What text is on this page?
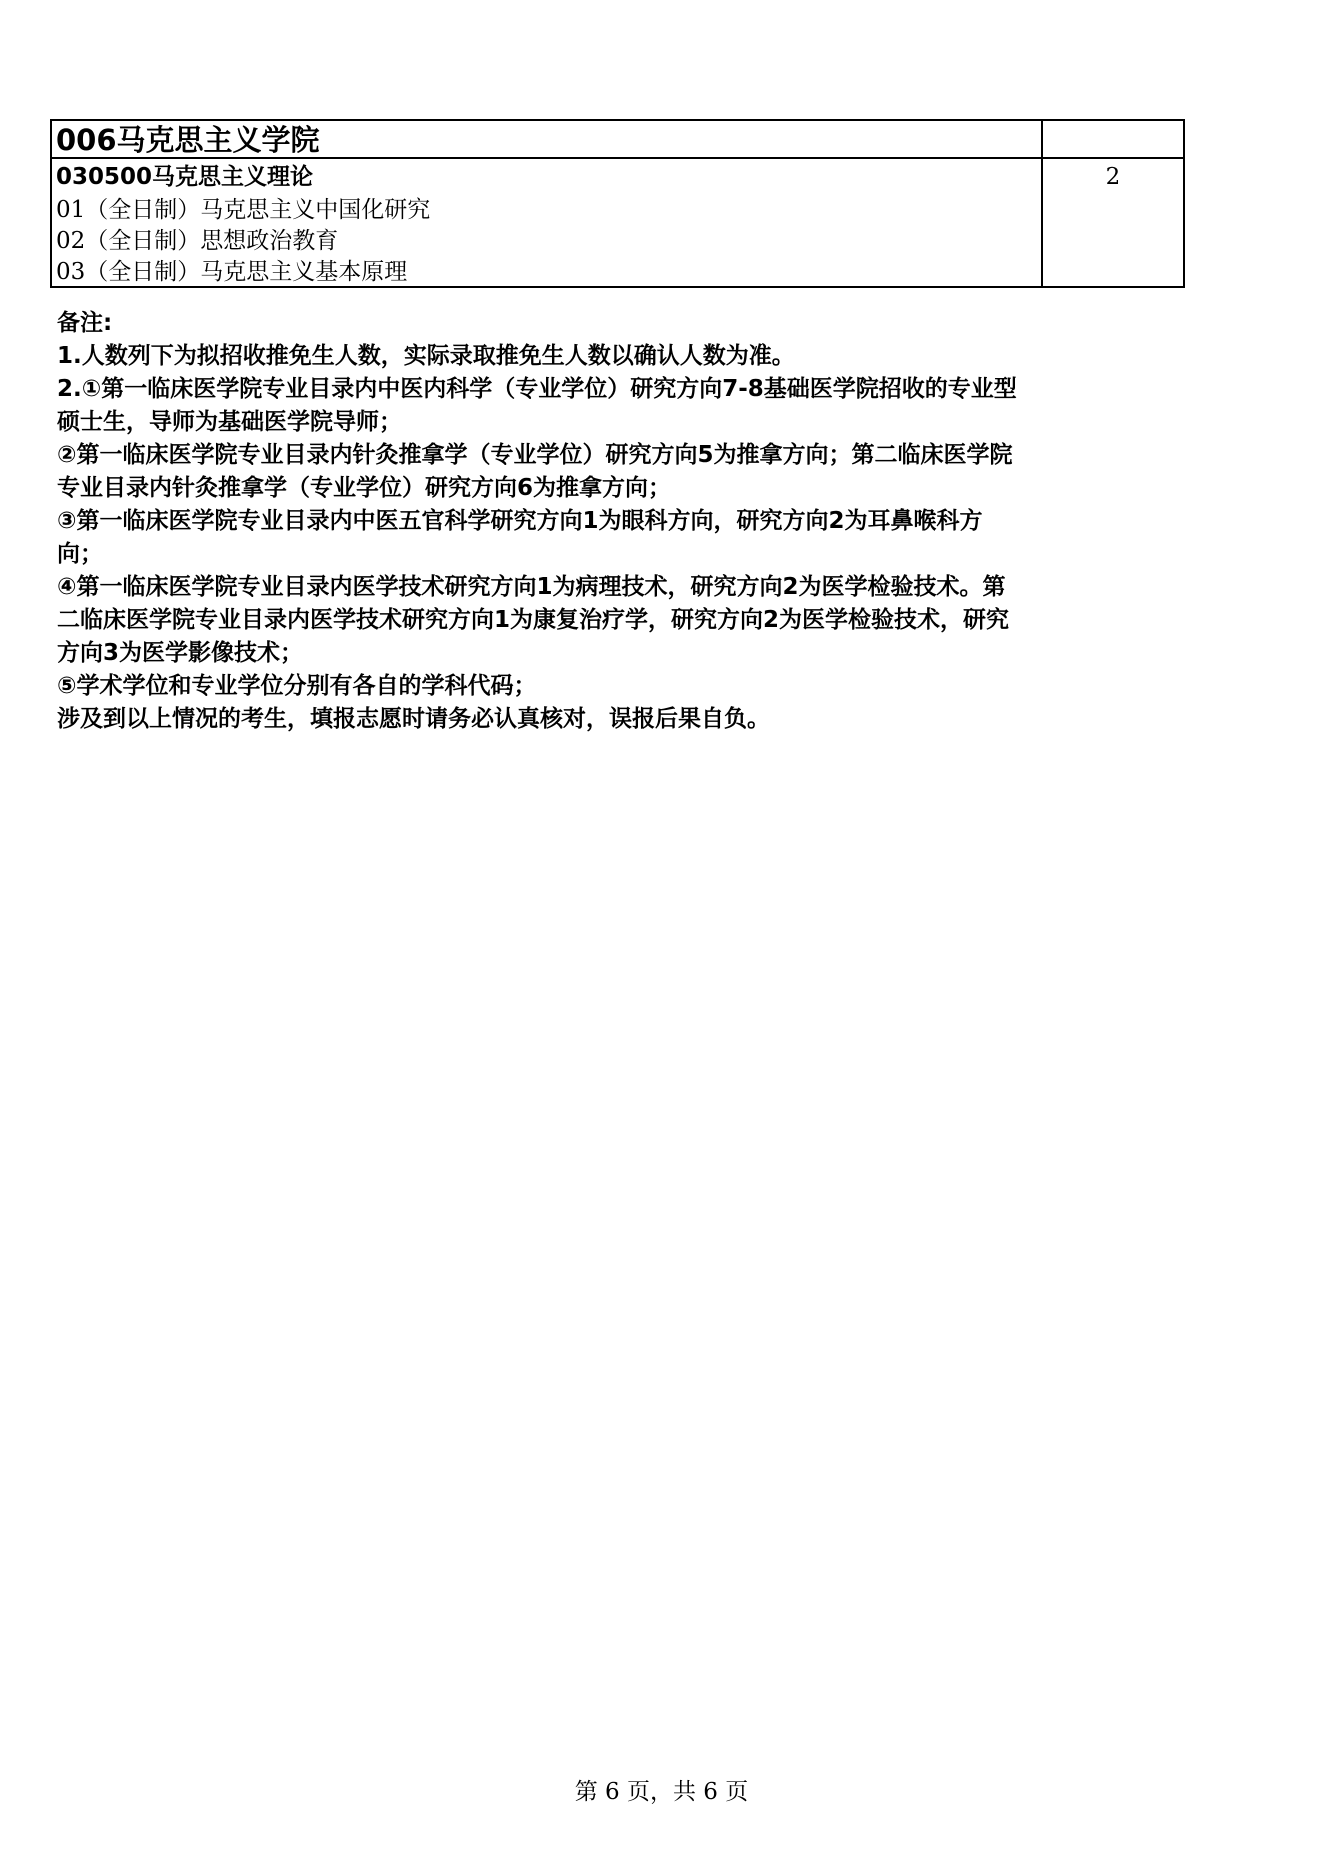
006马克思主义学院
030500马克思主义理论
01（全日制）马克思主义中国化研究
02（全日制）思想政治教育
03（全日制）马克思主义基本原理
2
备注:
1.人数列下为拟招收推免生人数，实际录取推免生人数以确认人数为准。
2.①第一临床医学院专业目录内中医内科学（专业学位）研究方向7-8基础医学院招收的专业型
硕士生，导师为基础医学院导师；
②第一临床医学院专业目录内针灸推拿学（专业学位）研究方向5为推拿方向；第二临床医学院
专业目录内针灸推拿学（专业学位）研究方向6为推拿方向；
③第一临床医学院专业目录内中医五官科学研究方向1为眼科方向，研究方向2为耳鼻喉科方
向；
④第一临床医学院专业目录内医学技术研究方向1为病理技术，研究方向2为医学检验技术。第
二临床医学院专业目录内医学技术研究方向1为康复治疗学，研究方向2为医学检验技术，研究
方向3为医学影像技术；
⑤学术学位和专业学位分别有各自的学科代码；
涉及到以上情况的考生，填报志愿时请务必认真核对，误报后果自负。
第 6 页，共 6 页
